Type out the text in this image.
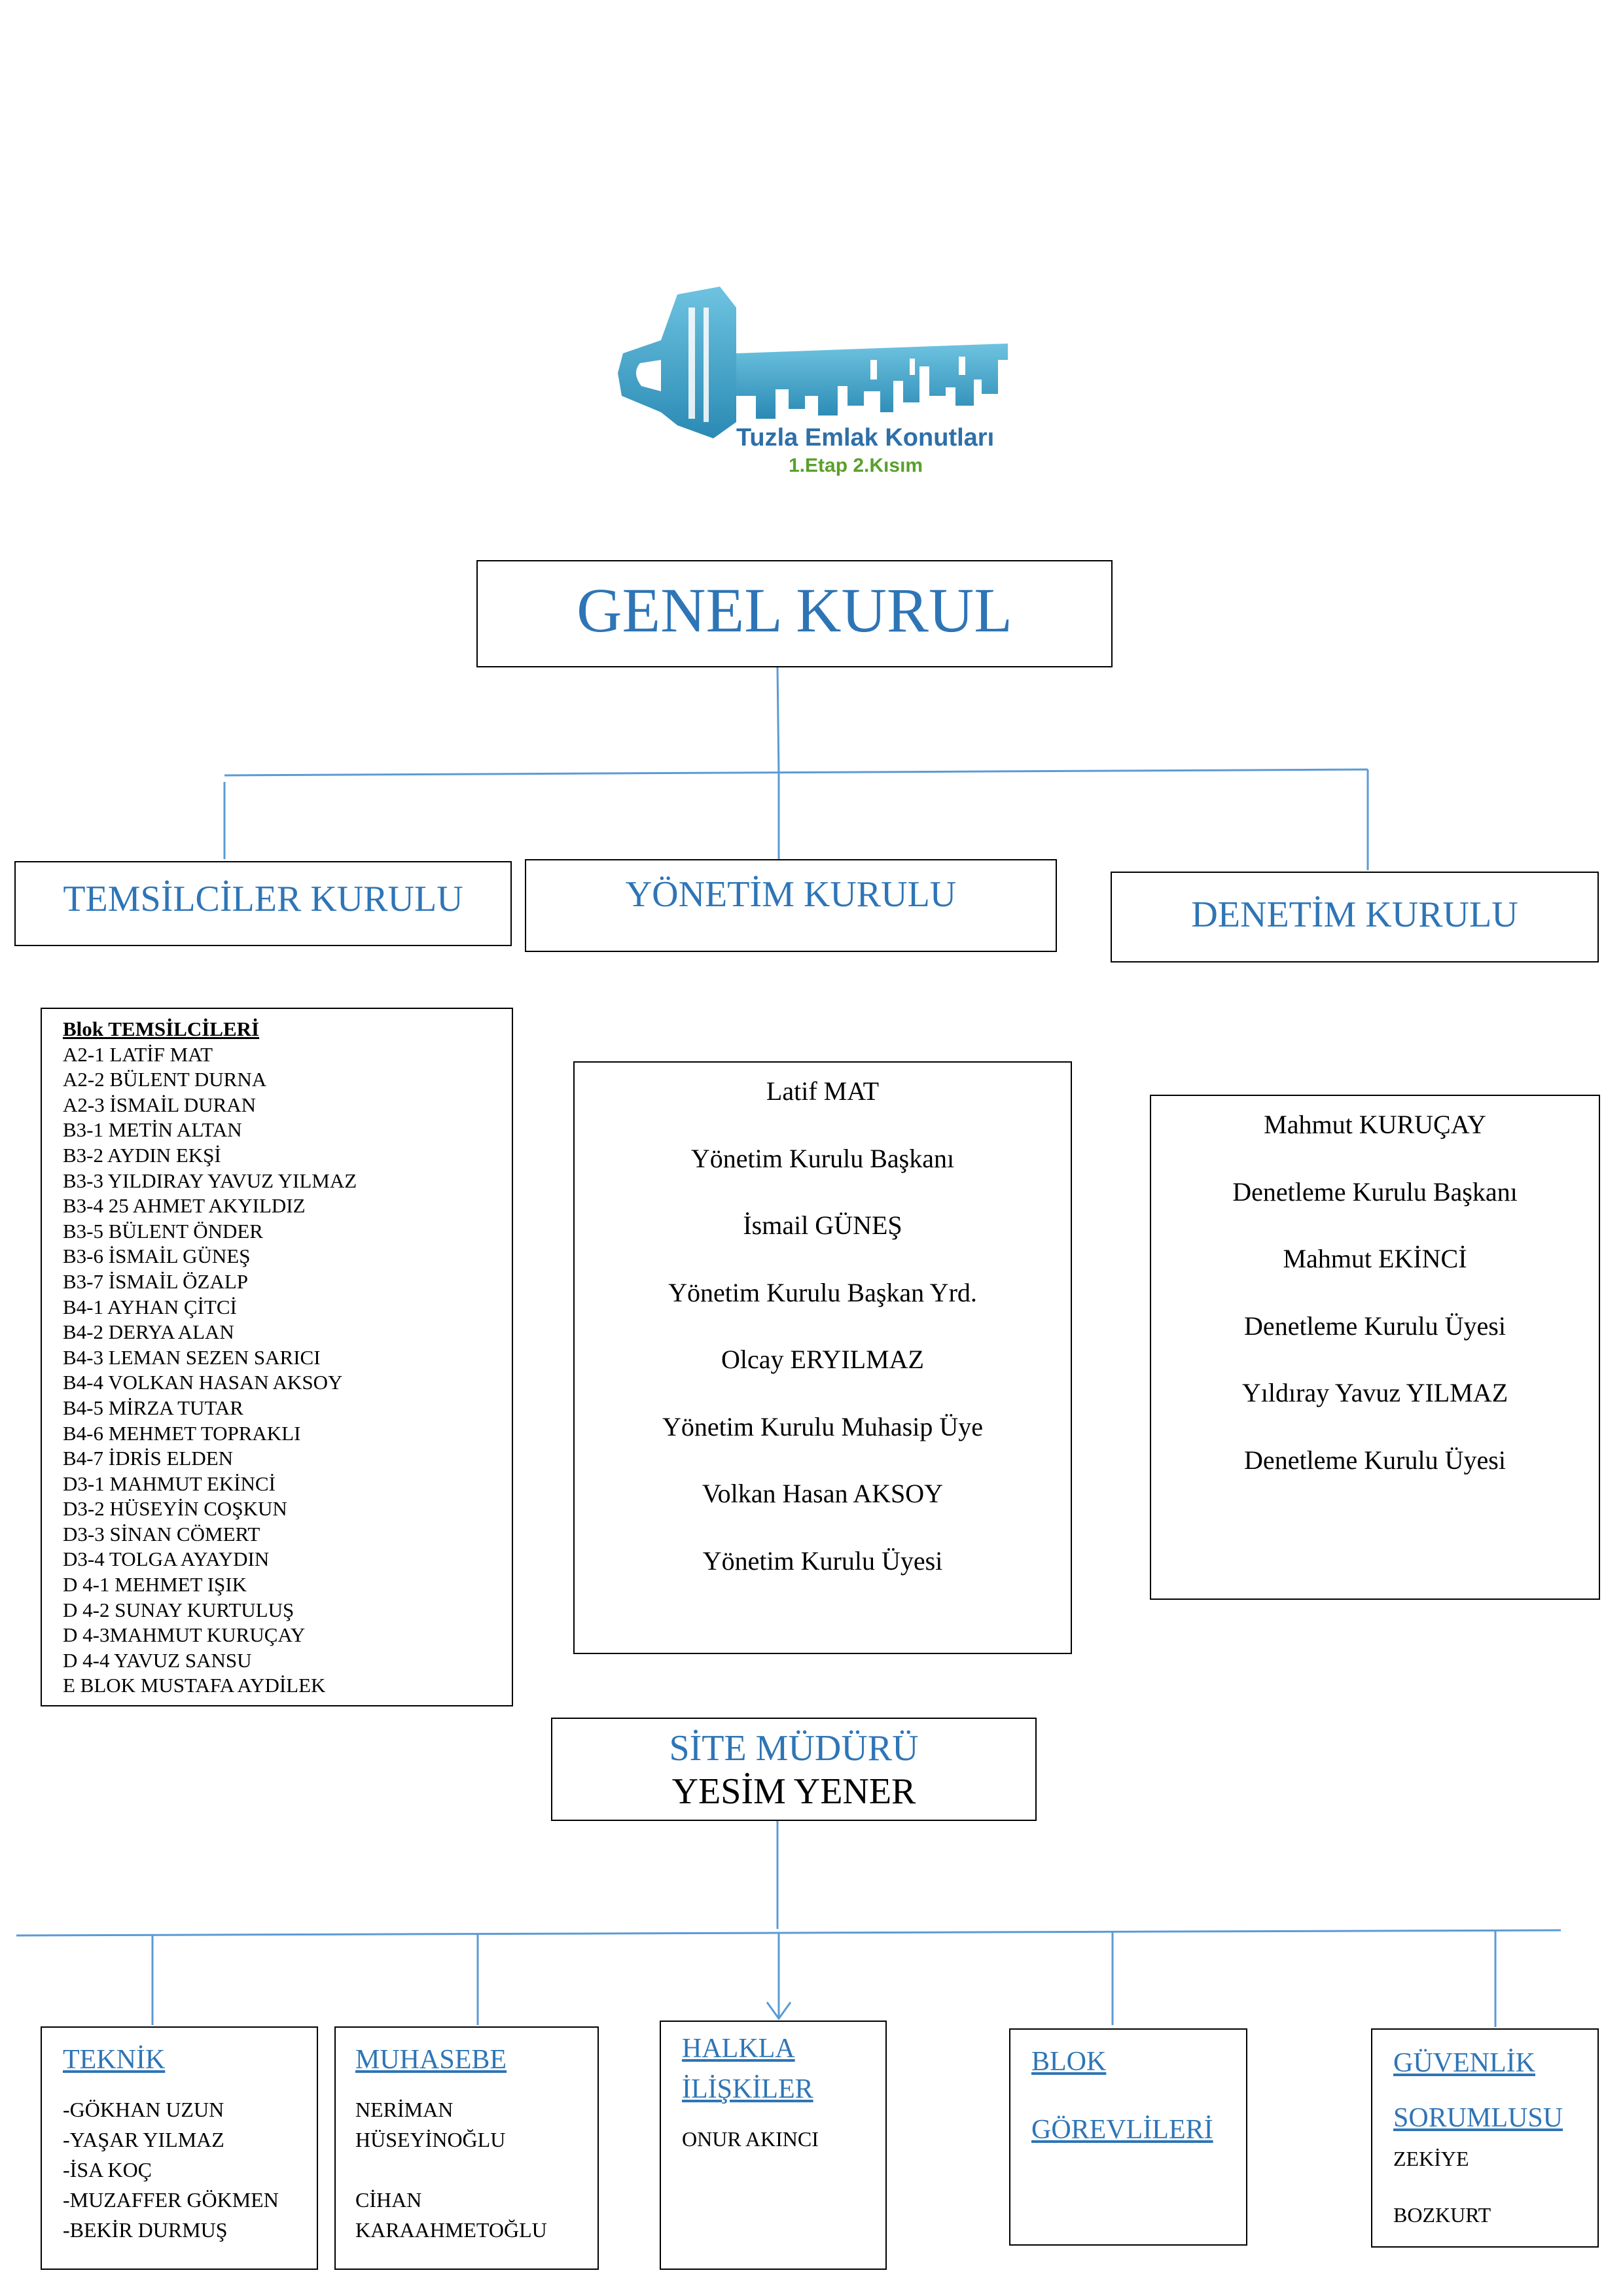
Tuzla Emlak Konutları
1.Etap 2.Kısım
GENEL KURUL
TEMSİLCİLER KURULU	YÖNETİM KURULU	DENETİM KURULU
Blok TEMSİLCİLERİ
A2-1 LATİF MAT
A2-2 BÜLENT DURNA
A2-3 İSMAİL DURAN
B3-1 METİN ALTAN
B3-2 AYDIN EKŞİ
B3-3 YILDIRAY YAVUZ YILMAZ
B3-4 25 AHMET AKYILDIZ
B3-5 BÜLENT ÖNDER
B3-6 İSMAİL GÜNEŞ
B3-7 İSMAİL ÖZALP
B4-1 AYHAN ÇİTCİ
B4-2 DERYA ALAN
B4-3 LEMAN SEZEN SARICI
B4-4 VOLKAN HASAN AKSOY
B4-5 MİRZA TUTAR
B4-6 MEHMET TOPRAKLI
B4-7 İDRİS ELDEN
D3-1 MAHMUT EKİNCİ
D3-2 HÜSEYİN COŞKUN
D3-3 SİNAN CÖMERT
D3-4 TOLGA AYAYDIN
D 4-1 MEHMET IŞIK
D 4-2 SUNAY KURTULUŞ
D 4-3MAHMUT KURUÇAY
D 4-4 YAVUZ SANSU
E BLOK MUSTAFA AYDİLEK
Latif MAT
Yönetim Kurulu Başkanı
İsmail GÜNEŞ
Yönetim Kurulu Başkan Yrd.
Olcay ERYILMAZ
Yönetim Kurulu Muhasip Üye
Volkan Hasan AKSOY
Yönetim Kurulu Üyesi
Mahmut KURUÇAY
Denetleme Kurulu Başkanı
Mahmut EKİNCİ
Denetleme Kurulu Üyesi
Yıldıray Yavuz YILMAZ
Denetleme Kurulu Üyesi
SİTE MÜDÜRÜ
YESİM YENER
TEKNİK
-GÖKHAN UZUN
-YAŞAR YILMAZ
-İSA KOÇ
-MUZAFFER GÖKMEN
-BEKİR DURMUŞ
MUHASEBE
NERİMAN
HÜSEYİNOĞLU

CİHAN
KARAAHMETOĞLU
HALKLA
İLİŞKİLER
ONUR AKINCI
BLOK
GÖREVLİLERİ
GÜVENLİK
SORUMLUSU
ZEKİYE
BOZKURT
